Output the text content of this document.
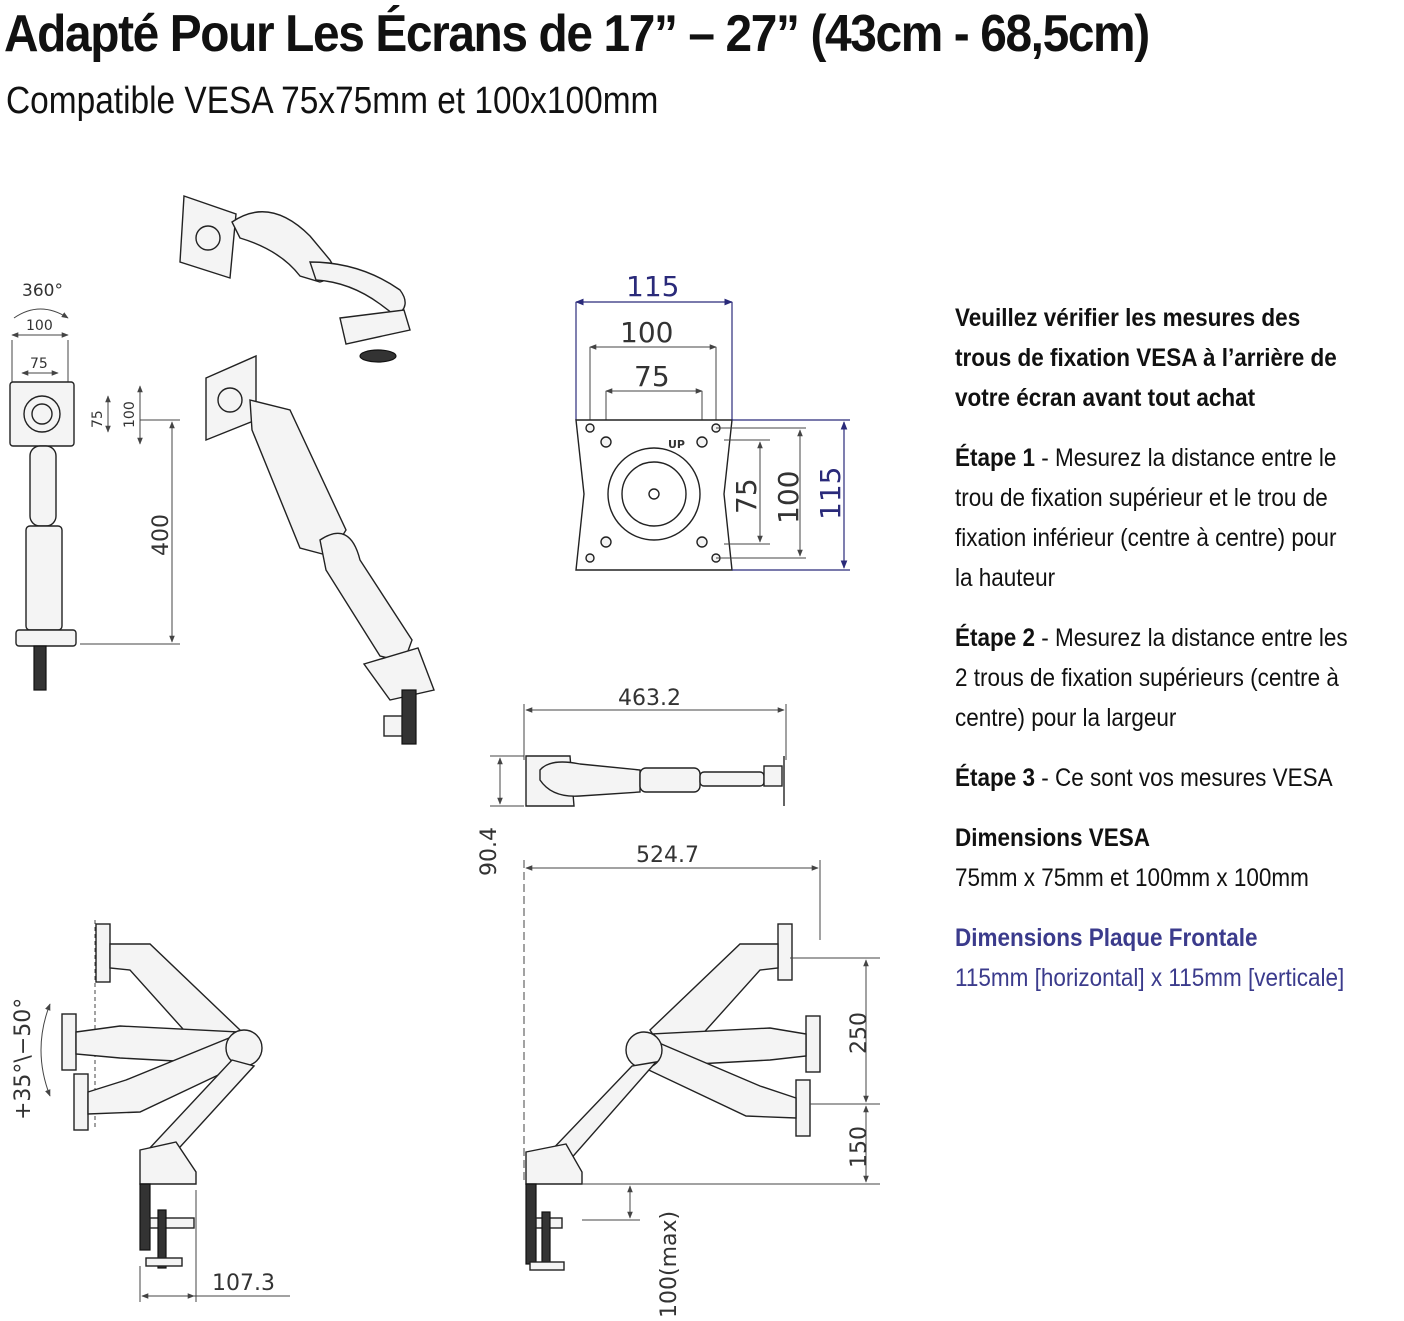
Adapté Pour Les Écrans de 17” – 27” (43cm - 68,5cm)
Compatible VESA 75x75mm et 100x100mm
360°
100
75
75 100
400
115
100
75
UP
75 100 115
463.2
90.4
+35°\−50°
107.3
524.7
250
150
100(max)

Veuillez vérifier les mesures des trous de fixation VESA à l’arrière de votre écran avant tout achat

Étape 1 - Mesurez la distance entre le trou de fixation supérieur et le trou de fixation inférieur (centre à centre) pour la hauteur

Étape 2 - Mesurez la distance entre les 2 trous de fixation supérieurs (centre à centre) pour la largeur

Étape 3 - Ce sont vos mesures VESA

Dimensions VESA
75mm x 75mm et 100mm x 100mm

Dimensions Plaque Frontale
115mm [horizontal] x 115mm [verticale]
